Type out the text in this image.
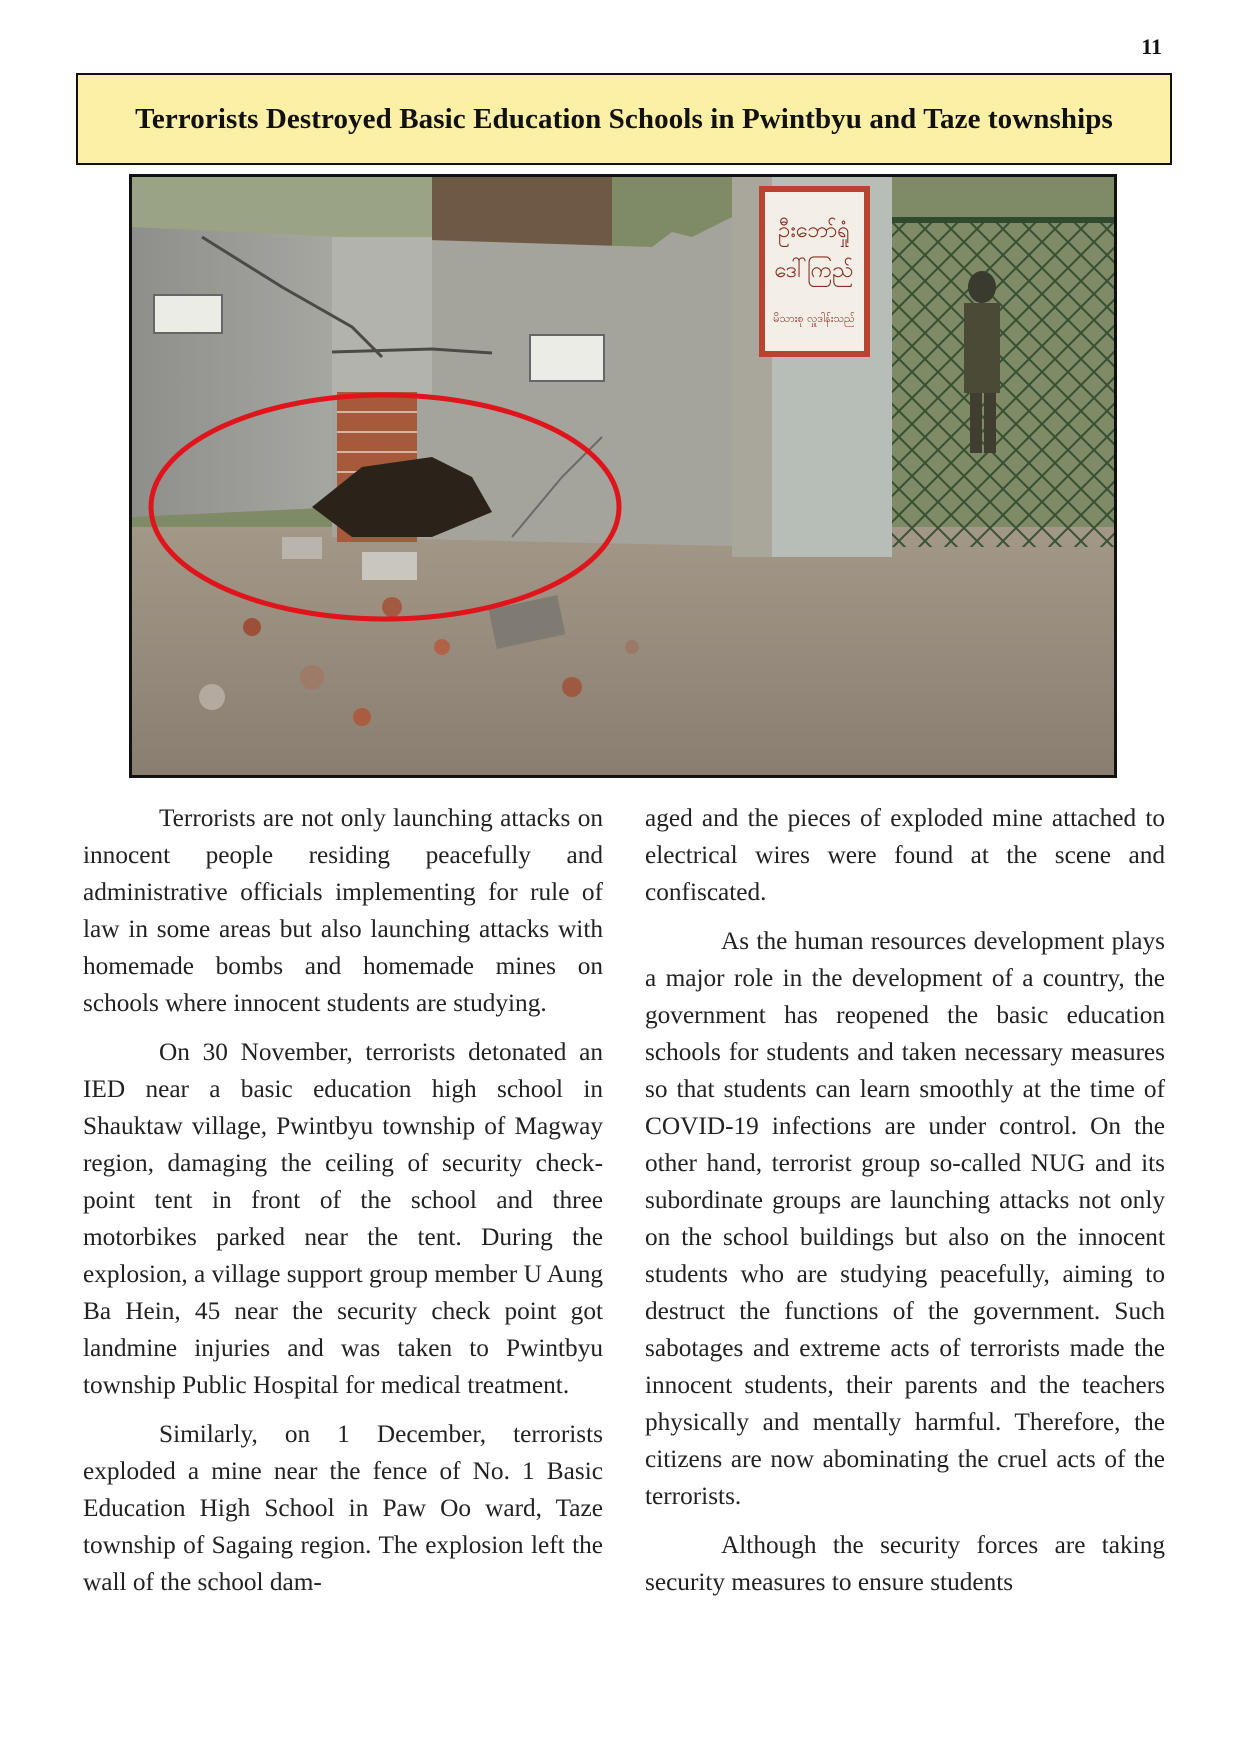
11
Terrorists Destroyed Basic Education Schools in Pwintbyu and Taze townships
ဦးဘော်ရှုံ
ဒေါ်ကြည်
မိသားစု လှူဒါန်းသည်

Terrorists are not only launching attacks on innocent people residing peacefully and administrative officials implementing for rule of law in some areas but also launching attacks with homemade bombs and homemade mines on schools where innocent students are studying.

On 30 November, terrorists detonated an IED near a basic education high school in Shauktaw village, Pwintbyu township of Magway region, damaging the ceiling of security check-point tent in front of the school and three motorbikes parked near the tent. During the explosion, a village support group member U Aung Ba Hein, 45 near the security check point got landmine injuries and was taken to Pwintbyu township Public Hospital for medical treatment.

Similarly, on 1 December, terrorists exploded a mine near the fence of No. 1 Basic Education High School in Paw Oo ward, Taze township of Sagaing region. The explosion left the wall of the school dam-

aged and the pieces of exploded mine attached to electrical wires were found at the scene and confiscated.

As the human resources development plays a major role in the development of a country, the government has reopened the basic education schools for students and taken necessary measures so that students can learn smoothly at the time of COVID-19 infections are under control. On the other hand, terrorist group so-called NUG and its subordinate groups are launching attacks not only on the school buildings but also on the innocent students who are studying peacefully, aiming to destruct the functions of the government. Such sabotages and extreme acts of terrorists made the innocent students, their parents and the teachers physically and mentally harmful. Therefore, the citizens are now abominating the cruel acts of the terrorists.

Although the security forces are taking security measures to ensure students
